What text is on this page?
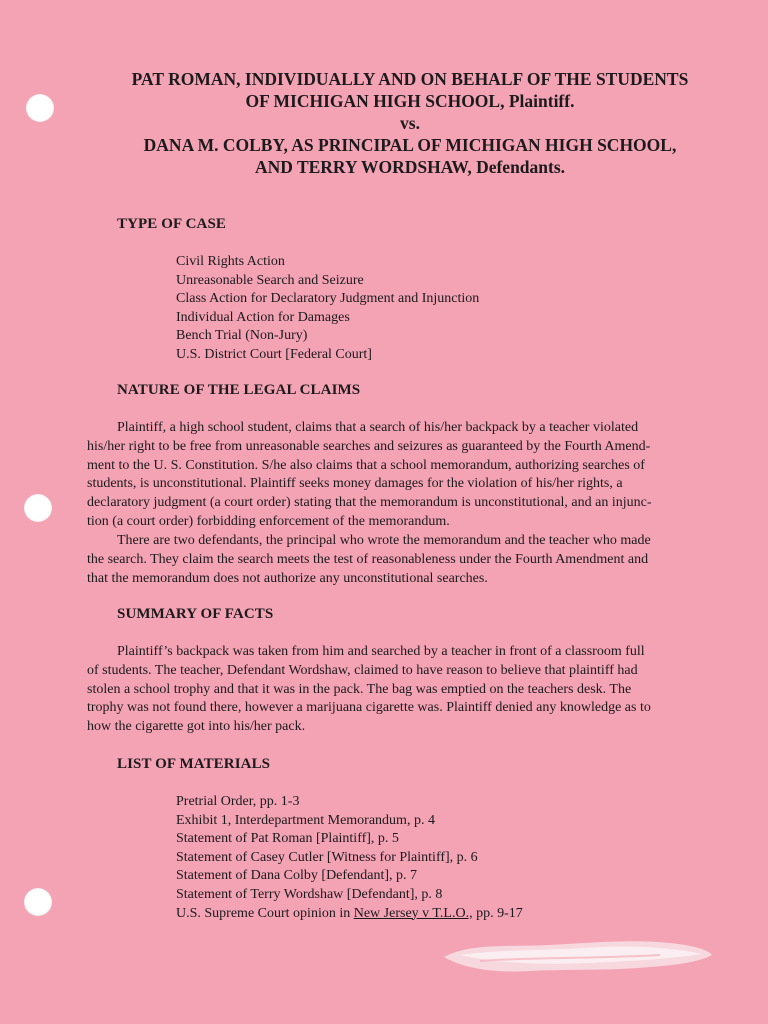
PAT ROMAN, INDIVIDUALLY AND ON BEHALF OF THE STUDENTS
OF MICHIGAN HIGH SCHOOL, Plaintiff.
vs.
DANA M. COLBY, AS PRINCIPAL OF MICHIGAN HIGH SCHOOL,
AND TERRY WORDSHAW, Defendants.
TYPE OF CASE
Civil Rights Action
Unreasonable Search and Seizure
Class Action for Declaratory Judgment and Injunction
Individual Action for Damages
Bench Trial (Non-Jury)
U.S. District Court [Federal Court]
NATURE OF THE LEGAL CLAIMS
Plaintiff, a high school student, claims that a search of his/her backpack by a teacher violated
his/her right to be free from unreasonable searches and seizures as guaranteed by the Fourth Amend-
ment to the U. S. Constitution. S/he also claims that a school memorandum, authorizing searches of
students, is unconstitutional. Plaintiff seeks money damages for the violation of his/her rights, a
declaratory judgment (a court order) stating that the memorandum is unconstitutional, and an injunc-
tion (a court order) forbidding enforcement of the memorandum.
There are two defendants, the principal who wrote the memorandum and the teacher who made
the search. They claim the search meets the test of reasonableness under the Fourth Amendment and
that the memorandum does not authorize any unconstitutional searches.
SUMMARY OF FACTS
Plaintiff’s backpack was taken from him and searched by a teacher in front of a classroom full
of students. The teacher, Defendant Wordshaw, claimed to have reason to believe that plaintiff had
stolen a school trophy and that it was in the pack. The bag was emptied on the teachers desk. The
trophy was not found there, however a marijuana cigarette was. Plaintiff denied any knowledge as to
how the cigarette got into his/her pack.
LIST OF MATERIALS
Pretrial Order, pp. 1-3
Exhibit 1, Interdepartment Memorandum, p. 4
Statement of Pat Roman [Plaintiff], p. 5
Statement of Casey Cutler [Witness for Plaintiff], p. 6
Statement of Dana Colby [Defendant], p. 7
Statement of Terry Wordshaw [Defendant], p. 8
U.S. Supreme Court opinion in New Jersey v T.L.O., pp. 9-17
